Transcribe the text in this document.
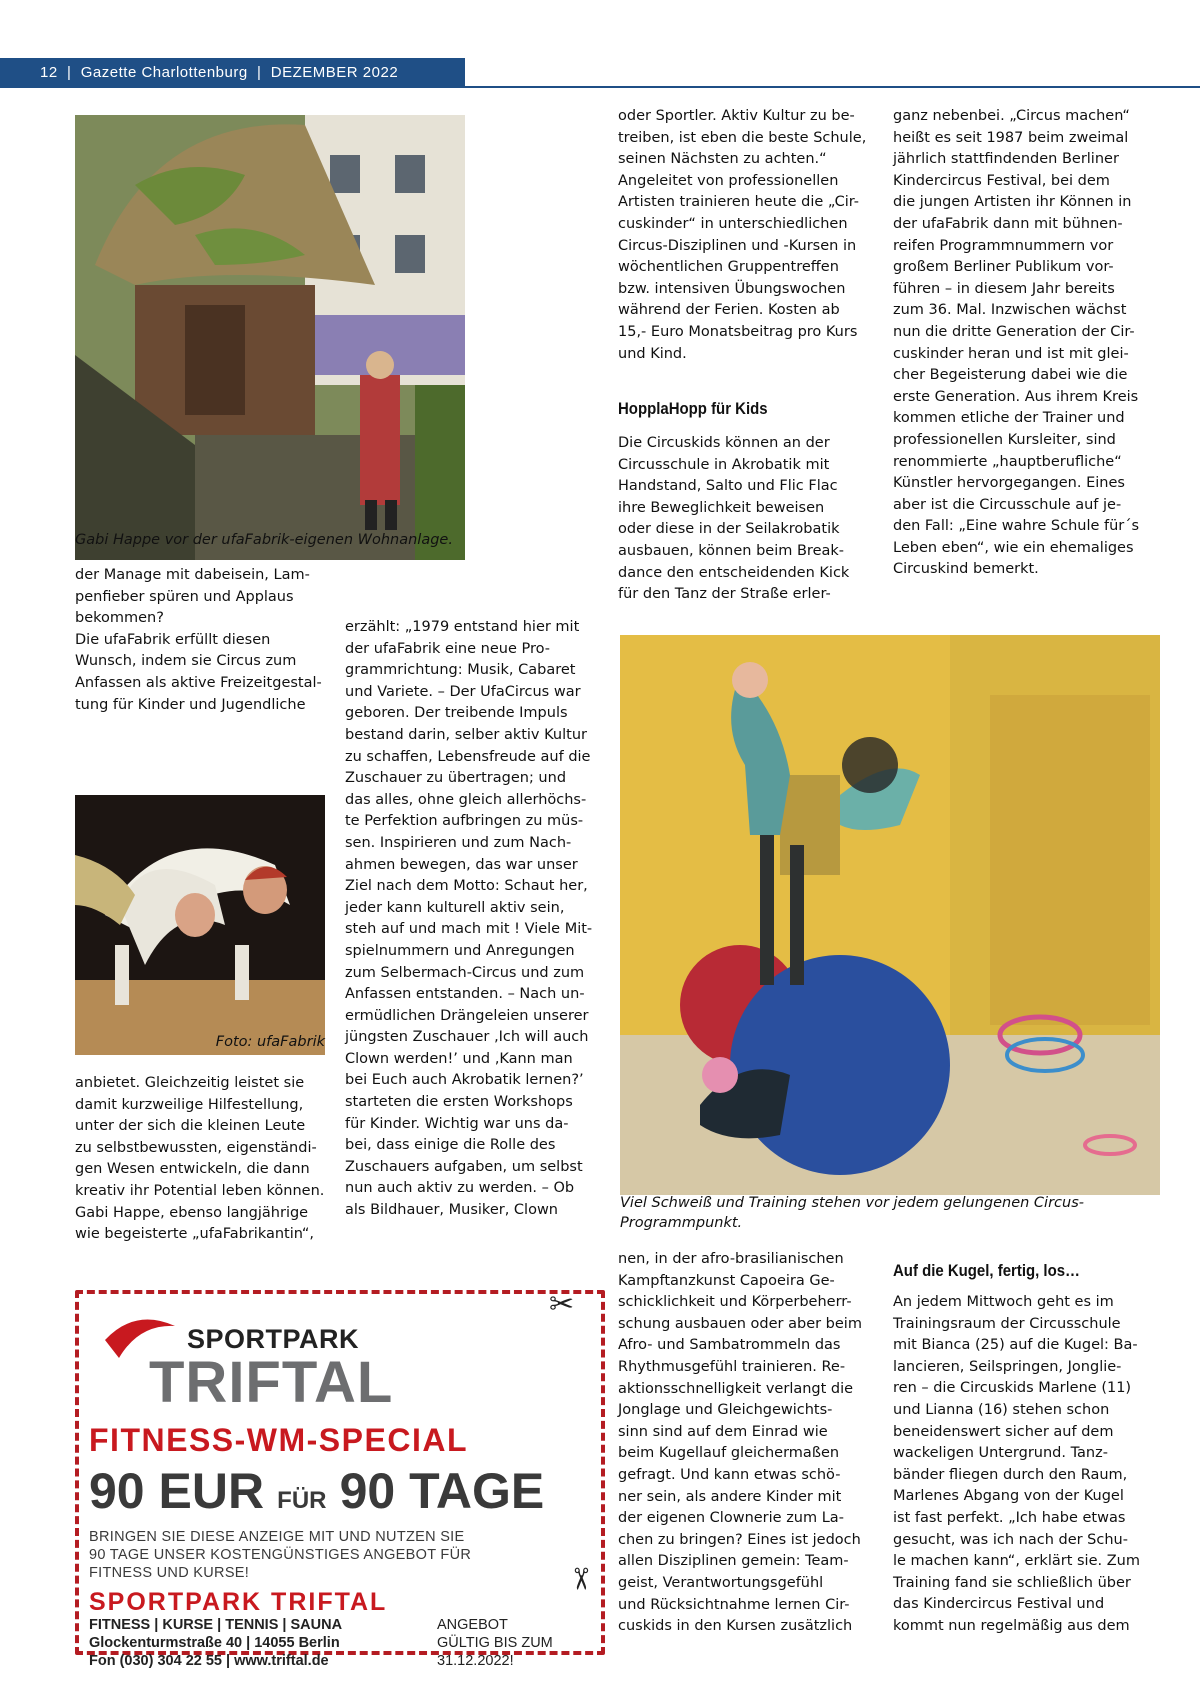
12  |  Gazette Charlottenburg  |  DEZEMBER 2022
Gabi Happe vor der ufaFabrik-eigenen Wohnanlage.

der Manage mit dabeisein, Lam-

penfieber spüren und Applaus

bekommen?

Die ufaFabrik erfüllt diesen

Wunsch, indem sie Circus zum

Anfassen als aktive Freizeitgestal-

tung für Kinder und Jugendliche

Foto: ufaFabrik

anbietet. Gleichzeitig leistet sie

damit kurzweilige Hilfestellung,

unter der sich die kleinen Leute

zu selbstbewussten, eigenständi-

gen Wesen entwickeln, die dann

kreativ ihr Potential leben können.

Gabi Happe, ebenso langjährige

wie begeisterte „ufaFabrikantin“,

erzählt: „1979 entstand hier mit

der ufaFabrik eine neue Pro-

grammrichtung: Musik, Cabaret

und Variete. – Der UfaCircus war

geboren. Der treibende Impuls

bestand darin, selber aktiv Kultur

zu schaffen, Lebensfreude auf die

Zuschauer zu übertragen; und

das alles, ohne gleich allerhöchs-

te Perfektion aufbringen zu müs-

sen. Inspirieren und zum Nach-

ahmen bewegen, das war unser

Ziel nach dem Motto: Schaut her,

jeder kann kulturell aktiv sein,

steh auf und mach mit ! Viele Mit-

spielnummern und Anregungen

zum Selbermach-Circus und zum

Anfassen entstanden. – Nach un-

ermüdlichen Drängeleien unserer

jüngsten Zuschauer ‚Ich will auch

Clown werden!’ und ‚Kann man

bei Euch auch Akrobatik lernen?’

starteten die ersten Workshops

für Kinder. Wichtig war uns da-

bei, dass einige die Rolle des

Zuschauers aufgaben, um selbst

nun auch aktiv zu werden. – Ob

als Bildhauer, Musiker, Clown

oder Sportler. Aktiv Kultur zu be-

treiben, ist eben die beste Schule,

seinen Nächsten zu achten.“

Angeleitet von professionellen

Artisten trainieren heute die „Cir-

cuskinder“ in unterschiedlichen

Circus-Disziplinen und -Kursen in

wöchentlichen Gruppentreffen

bzw. intensiven Übungswochen

während der Ferien. Kosten ab

15,- Euro Monatsbeitrag pro Kurs

und Kind.

HopplaHopp für Kids

Die Circuskids können an der

Circusschule in Akrobatik mit

Handstand, Salto und Flic Flac

ihre Beweglichkeit beweisen

oder diese in der Seilakrobatik

ausbauen, können beim Break-

dance den entscheidenden Kick

für den Tanz der Straße erler-

ganz nebenbei. „Circus machen“

heißt es seit 1987 beim zweimal

jährlich stattfindenden Berliner

Kindercircus Festival, bei dem

die jungen Artisten ihr Können in

der ufaFabrik dann mit bühnen-

reifen Programmnummern vor

großem Berliner Publikum vor-

führen – in diesem Jahr bereits

zum 36. Mal. Inzwischen wächst

nun die dritte Generation der Cir-

cuskinder heran und ist mit glei-

cher Begeisterung dabei wie die

erste Generation. Aus ihrem Kreis

kommen etliche der Trainer und

professionellen Kursleiter, sind

renommierte „hauptberufliche“

Künstler hervorgegangen. Eines

aber ist die Circusschule auf je-

den Fall: „Eine wahre Schule für´s

Leben eben“, wie ein ehemaliges

Circuskind bemerkt.

Viel Schweiß und Training stehen vor jedem gelungenen Circus-Programmpunkt.

nen, in der afro-brasilianischen

Kampftanzkunst Capoeira Ge-

schicklichkeit und Körperbeherr-

schung ausbauen oder aber beim

Afro- und Sambatrommeln das

Rhythmusgefühl trainieren. Re-

aktionsschnelligkeit verlangt die

Jonglage und Gleichgewichts-

sinn sind auf dem Einrad wie

beim Kugellauf gleichermaßen

gefragt. Und kann etwas schö-

ner sein, als andere Kinder mit

der eigenen Clownerie zum La-

chen zu bringen? Eines ist jedoch

allen Disziplinen gemein: Team-

geist, Verantwortungsgefühl

und Rücksichtnahme lernen Cir-

cuskids in den Kursen zusätzlich

Auf die Kugel, fertig, los…

An jedem Mittwoch geht es im

Trainingsraum der Circusschule

mit Bianca (25) auf die Kugel: Ba-

lancieren, Seilspringen, Jonglie-

ren – die Circuskids Marlene (11)

und Lianna (16) stehen schon

beneidenswert sicher auf dem

wackeligen Untergrund. Tanz-

bänder fliegen durch den Raum,

Marlenes Abgang von der Kugel

ist fast perfekt. „Ich habe etwas

gesucht, was ich nach der Schu-

le machen kann“, erklärt sie. Zum

Training fand sie schließlich über

das Kindercircus Festival und

kommt nun regelmäßig aus dem

✂
✂
SPORTPARK
TRIFTAL
FITNESS-WM-SPECIAL
90 EUR FÜR 90 TAGE
BRINGEN SIE DIESE ANZEIGE MIT UND NUTZEN SIE
90 TAGE UNSER KOSTENGÜNSTIGES ANGEBOT FÜR
FITNESS UND KURSE!
SPORTPARK TRIFTAL
FITNESS | KURSE | TENNIS | SAUNA
Glockenturmstraße 40 | 14055 Berlin
Fon (030) 304 22 55 | www.triftal.de
ANGEBOT
GÜLTIG BIS ZUM
31.12.2022!
